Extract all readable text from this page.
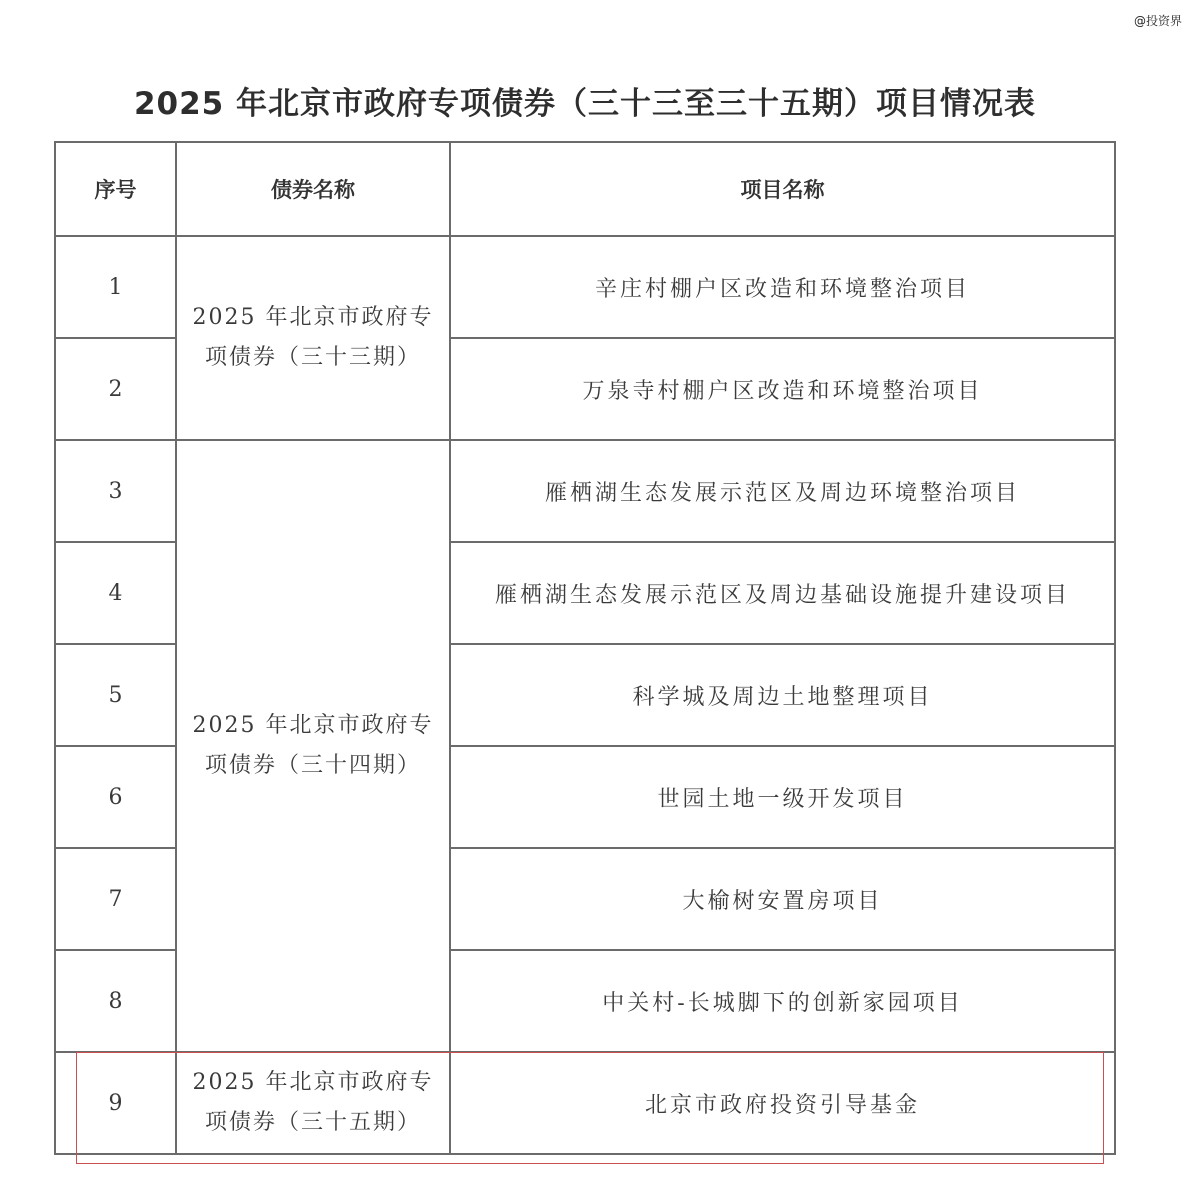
@投资界
2025 年北京市政府专项债券（三十三至三十五期）项目情况表
序号	债券名称	项目名称
1	2025 年北京市政府专项债券（三十三期）	辛庄村棚户区改造和环境整治项目
2		万泉寺村棚户区改造和环境整治项目
3	2025 年北京市政府专项债券（三十四期）	雁栖湖生态发展示范区及周边环境整治项目
4		雁栖湖生态发展示范区及周边基础设施提升建设项目
5		科学城及周边土地整理项目
6		世园土地一级开发项目
7		大榆树安置房项目
8		中关村-长城脚下的创新家园项目
9	2025 年北京市政府专项债券（三十五期）	北京市政府投资引导基金
